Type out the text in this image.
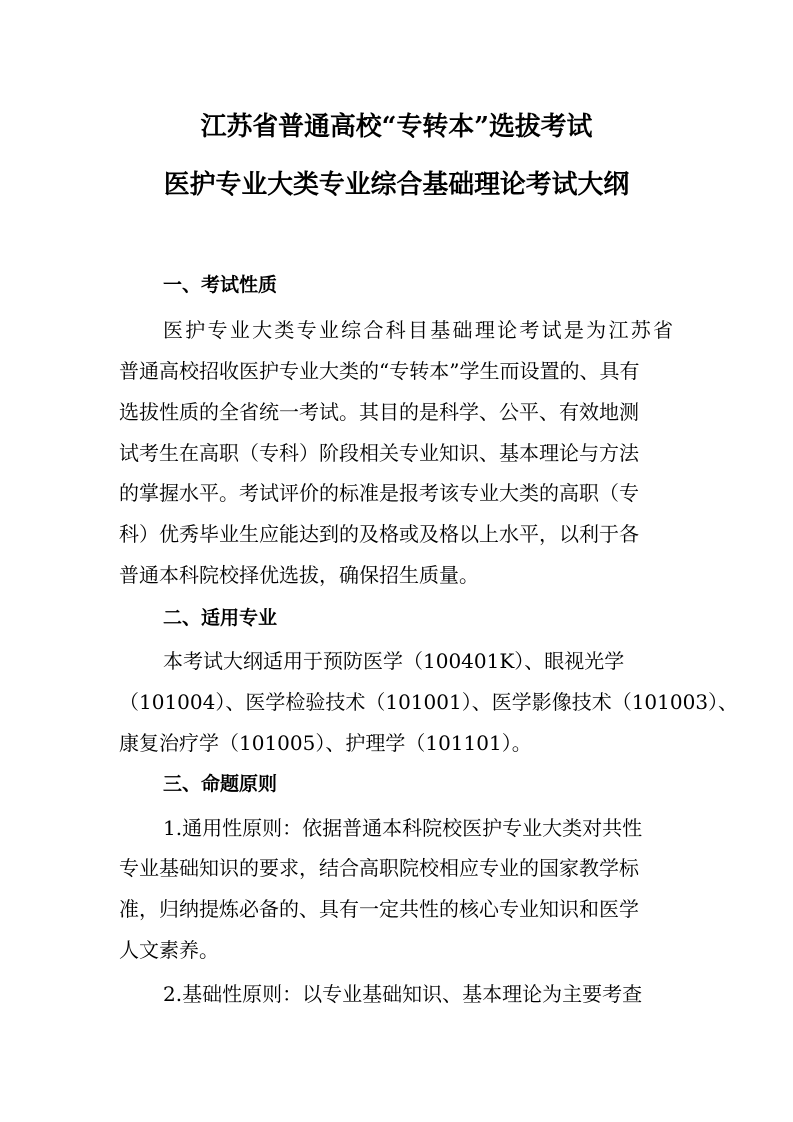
江苏省普通高校“专转本”选拔考试
医护专业大类专业综合基础理论考试大纲
一、考试性质
医护专业大类专业综合科目基础理论考试是为江苏省
普通高校招收医护专业大类的“专转本”学生而设置的、具有
选拔性质的全省统一考试。其目的是科学、公平、有效地测
试考生在高职（专科）阶段相关专业知识、基本理论与方法
的掌握水平。考试评价的标准是报考该专业大类的高职（专
科）优秀毕业生应能达到的及格或及格以上水平，以利于各
普通本科院校择优选拔，确保招生质量。
二、适用专业
本考试大纲适用于预防医学（100401K）、眼视光学
（101004）、医学检验技术（101001）、医学影像技术（101003）、
康复治疗学（101005）、护理学（101101）。
三、命题原则
1.通用性原则：依据普通本科院校医护专业大类对共性
专业基础知识的要求，结合高职院校相应专业的国家教学标
准，归纳提炼必备的、具有一定共性的核心专业知识和医学
人文素养。
2.基础性原则：以专业基础知识、基本理论为主要考查
